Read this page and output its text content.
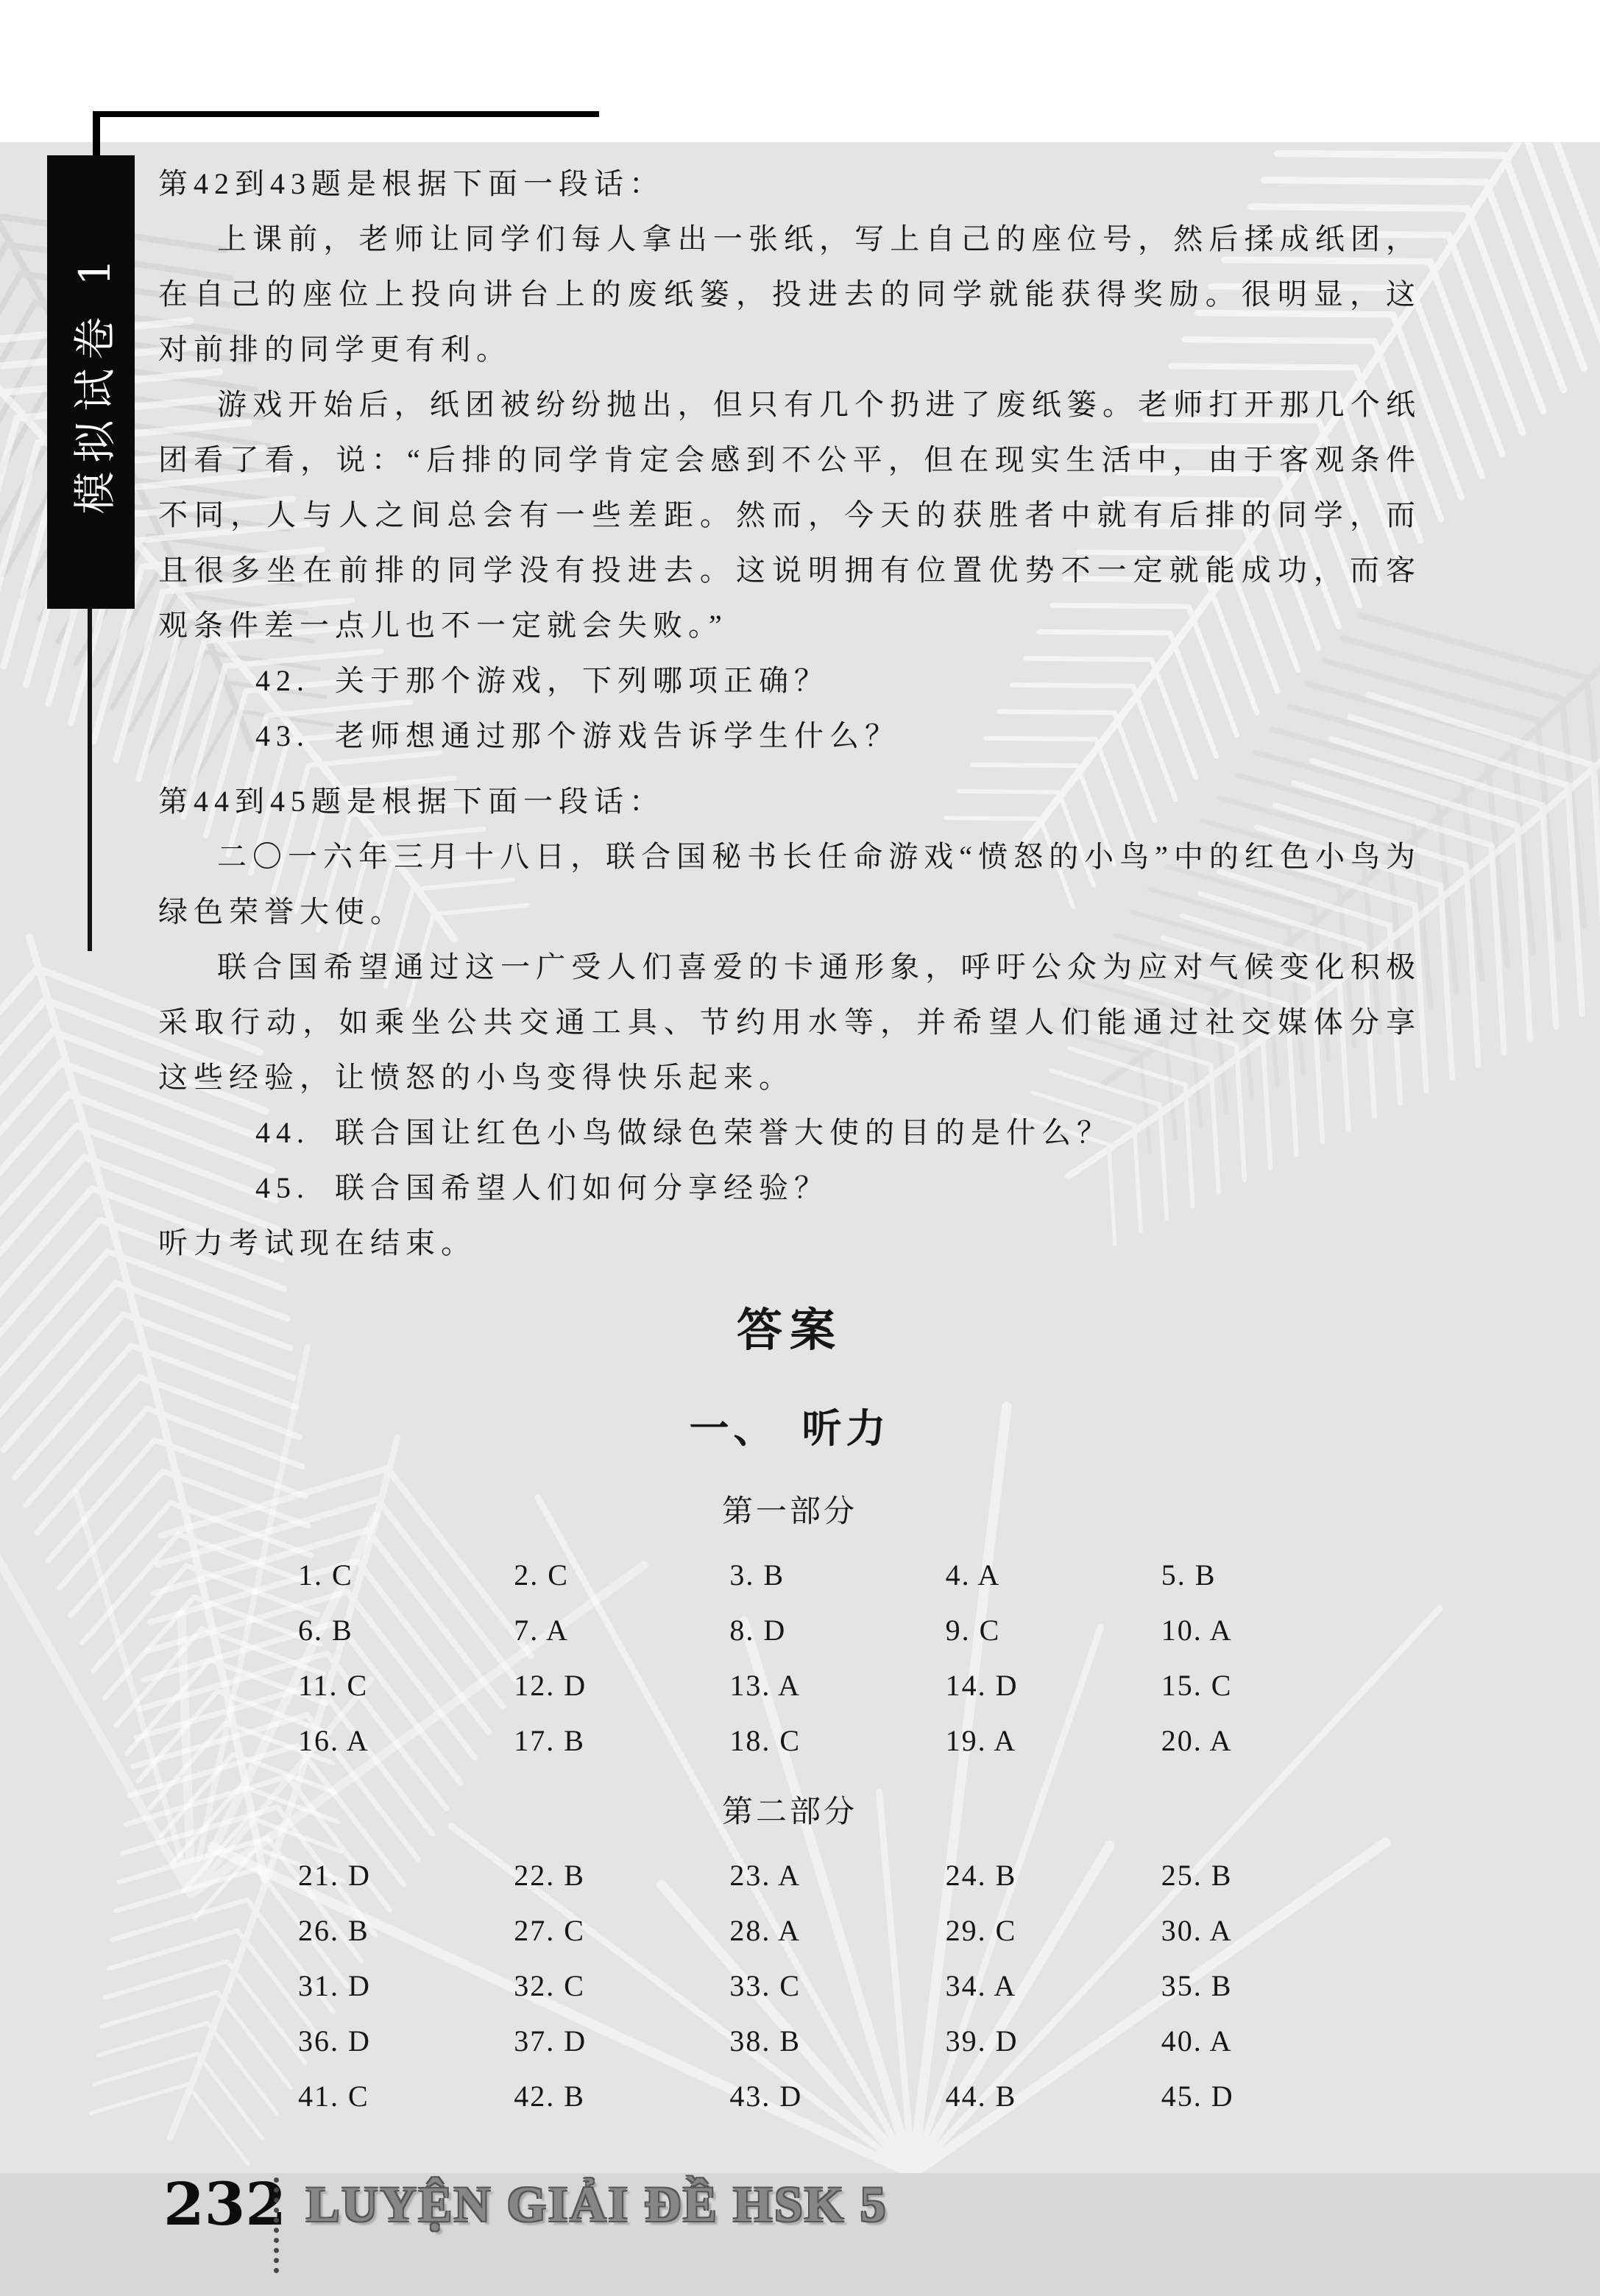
模拟试卷 1

第42到43题是根据下面一段话：

上课前，老师让同学们每人拿出一张纸，写上自己的座位号，然后揉成纸团，在自己的座位上投向讲台上的废纸篓，投进去的同学就能获得奖励。很明显，这对前排的同学更有利。

游戏开始后，纸团被纷纷抛出，但只有几个扔进了废纸篓。老师打开那几个纸团看了看，说：“后排的同学肯定会感到不公平，但在现实生活中，由于客观条件不同，人与人之间总会有一些差距。然而，今天的获胜者中就有后排的同学，而且很多坐在前排的同学没有投进去。这说明拥有位置优势不一定就能成功，而客观条件差一点儿也不一定就会失败。”

42. 关于那个游戏，下列哪项正确？

43. 老师想通过那个游戏告诉学生什么？

第44到45题是根据下面一段话：

二〇一六年三月十八日，联合国秘书长任命游戏“愤怒的小鸟”中的红色小鸟为绿色荣誉大使。

联合国希望通过这一广受人们喜爱的卡通形象，呼吁公众为应对气候变化积极采取行动，如乘坐公共交通工具、节约用水等，并希望人们能通过社交媒体分享这些经验，让愤怒的小鸟变得快乐起来。

44. 联合国让红色小鸟做绿色荣誉大使的目的是什么？

45. 联合国希望人们如何分享经验？

听力考试现在结束。

答案
一、　听力
第一部分
1. C	2. C	3. B	4. A	5. B
6. B	7. A	8. D	9. C	10. A
11. C	12. D	13. A	14. D	15. C
16. A	17. B	18. C	19. A	20. A
第二部分
21. D	22. B	23. A	24. B	25. B
26. B	27. C	28. A	29. C	30. A
31. D	32. C	33. C	34. A	35. B
36. D	37. D	38. B	39. D	40. A
41. C	42. B	43. D	44. B	45. D
232 LUYỆN GIẢI ĐỀ HSK 5
